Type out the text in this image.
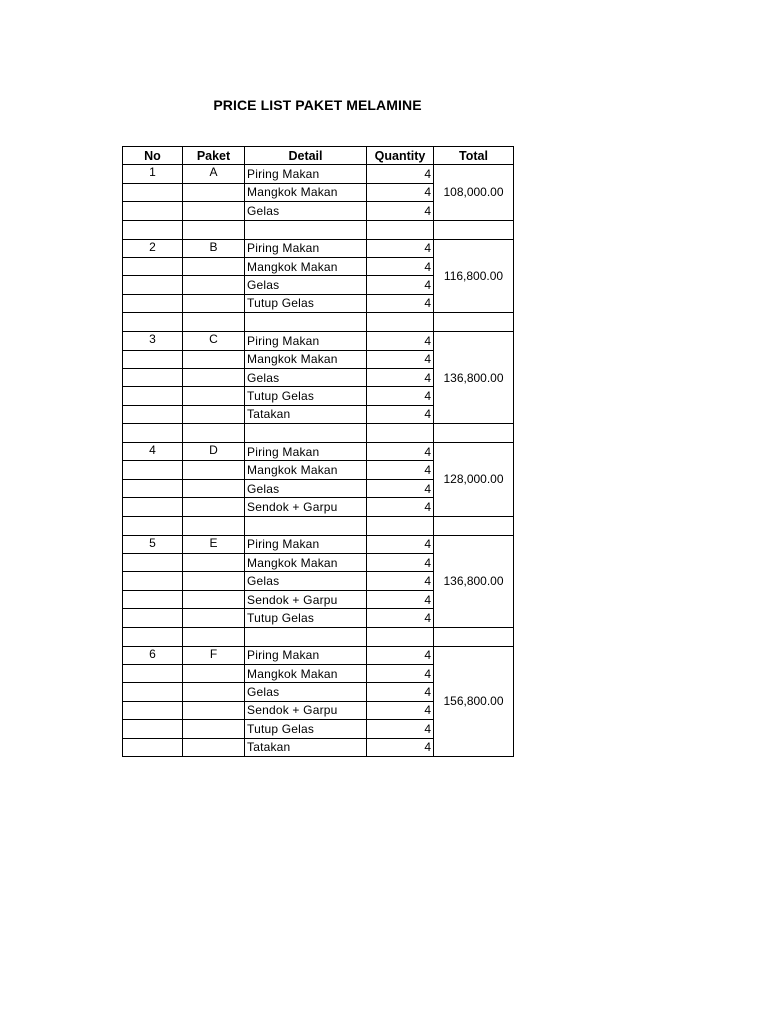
PRICE LIST PAKET MELAMINE
No	Paket	Detail	Quantity	Total
1	A	Piring Makan	4	108,000.00
		Mangkok Makan	4	
		Gelas	4	

2	B	Piring Makan	4	116,800.00
		Mangkok Makan	4	
		Gelas	4	
		Tutup Gelas	4	

3	C	Piring Makan	4	136,800.00
		Mangkok Makan	4	
		Gelas	4	
		Tutup Gelas	4	
		Tatakan	4	

4	D	Piring Makan	4	128,000.00
		Mangkok Makan	4	
		Gelas	4	
		Sendok + Garpu	4	

5	E	Piring Makan	4	136,800.00
		Mangkok Makan	4	
		Gelas	4	
		Sendok + Garpu	4	
		Tutup Gelas	4	

6	F	Piring Makan	4	156,800.00
		Mangkok Makan	4	
		Gelas	4	
		Sendok + Garpu	4	
		Tutup Gelas	4	
		Tatakan	4	
